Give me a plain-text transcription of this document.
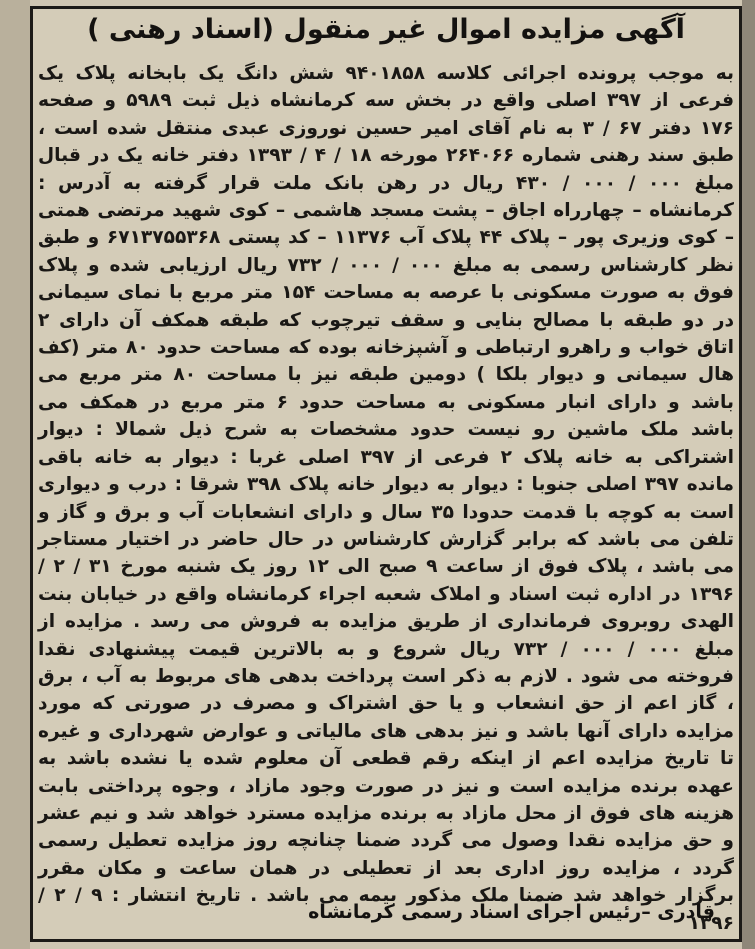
آگهی مزایده اموال غیر منقول (اسناد رهنی )

به موجب پرونده اجرائی کلاسه ۹۴۰۱۸۵۸ شش دانگ یک بابخانه پلاک یک فرعی از ۳۹۷ اصلی واقع در بخش سه کرمانشاه ذیل ثبت ۵۹۸۹ و صفحه ۱۷۶ دفتر ۶۷ / ۳ به نام آقای امیر حسین نوروزی عبدی منتقل شده است ، طبق سند رهنی شماره ۲۶۴۰۶۶ مورخه ۱۸ / ۴ / ۱۳۹۳ دفتر خانه یک در قبال مبلغ ۰۰۰ / ۰۰۰ / ۴۳۰ ریال در رهن بانک ملت قرار گرفته به آدرس : کرمانشاه – چهارراه اجاق – پشت مسجد هاشمی – کوی شهید مرتضی همتی – کوی وزیری پور – پلاک ۴۴ پلاک آب ۱۱۳۷۶ – کد پستی ۶۷۱۳۷۵۵۳۶۸ و طبق نظر کارشناس رسمی به مبلغ ۰۰۰ / ۰۰۰ / ۷۳۲ ریال ارزیابی شده و پلاک فوق به صورت مسکونی با عرصه به مساحت ۱۵۴ متر مربع با نمای سیمانی در دو طبقه با مصالح بنایی و سقف تیرچوب که طبقه همکف آن دارای ۲ اتاق خواب و راهرو ارتباطی و آشپزخانه بوده که مساحت حدود ۸۰ متر (کف هال سیمانی و دیوار بلکا ) دومین طبقه نیز با مساحت ۸۰ متر مربع می باشد و دارای انبار مسکونی به مساحت حدود ۶ متر مربع در همکف می باشد ملک ماشین رو نیست حدود مشخصات به شرح ذیل شمالا : دیوار اشتراکی به خانه پلاک ۲ فرعی از ۳۹۷ اصلی غربا : دیوار به خانه باقی مانده ۳۹۷ اصلی جنوبا : دیوار به دیوار خانه پلاک ۳۹۸ شرقا : درب و دیواری است به کوچه با قدمت حدودا ۳۵ سال و دارای انشعابات آب و برق و گاز و تلفن می باشد که برابر گزارش کارشناس در حال حاضر در اختیار مستاجر می باشد ، پلاک فوق از ساعت ۹ صبح الی ۱۲ روز یک شنبه مورخ ۳۱ / ۲ / ۱۳۹۶ در اداره ثبت اسناد و املاک شعبه اجراء کرمانشاه واقع در خیابان بنت الهدی روبروی فرمانداری از طریق مزایده به فروش می رسد . مزایده از مبلغ ۰۰۰ / ۰۰۰ / ۷۳۲ ریال شروع و به بالاترین قیمت پیشنهادی نقدا فروخته می شود . لازم به ذکر است پرداخت بدهی های مربوط به آب ، برق ، گاز اعم از حق انشعاب و یا حق اشتراک و مصرف در صورتی که مورد مزایده دارای آنها باشد و نیز بدهی های مالیاتی و عوارض شهرداری و غیره تا تاریخ مزایده اعم از اینکه رقم قطعی آن معلوم شده یا نشده باشد به عهده برنده مزایده است و نیز در صورت وجود مازاد ، وجوه پرداختی بابت هزینه های فوق از محل مازاد به برنده مزایده مسترد خواهد شد و نیم عشر و حق مزایده نقدا وصول می گردد ضمنا چنانچه روز مزایده تعطیل رسمی گردد ، مزایده روز اداری بعد از تعطیلی در همان ساعت و مکان مقرر برگزار خواهد شد ضمنا ملک مذکور بیمه می باشد . تاریخ انتشار : ۹ / ۲ / ۱۳۹۶

قادری –رئیس اجرای اسناد رسمی کرمانشاه
